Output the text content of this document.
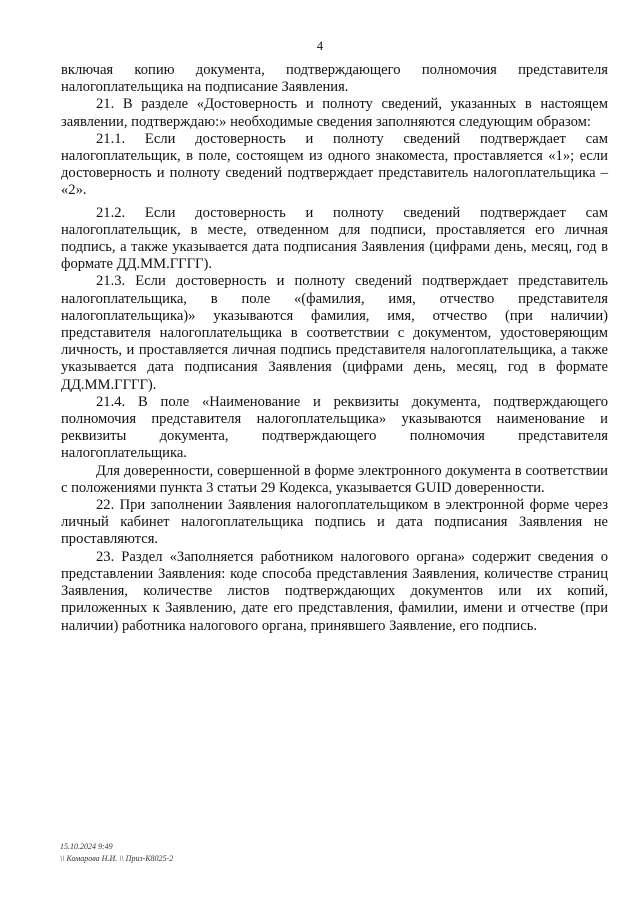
4

включая копию документа, подтверждающего полномочия представителя налогоплательщика на подписание Заявления.

21. В разделе «Достоверность и полноту сведений, указанных в настоящем заявлении, подтверждаю:» необходимые сведения заполняются следующим образом:

21.1. Если достоверность и полноту сведений подтверждает сам налогоплательщик, в поле, состоящем из одного знакоместа, проставляется «1»; если достоверность и полноту сведений подтверждает представитель налогоплательщика – «2».

21.2. Если достоверность и полноту сведений подтверждает сам налогоплательщик, в месте, отведенном для подписи, проставляется его личная подпись, а также указывается дата подписания Заявления (цифрами день, месяц, год в формате ДД.ММ.ГГГГ).

21.3. Если достоверность и полноту сведений подтверждает представитель налогоплательщика, в поле «(фамилия, имя, отчество представителя налогоплательщика)» указываются фамилия, имя, отчество (при наличии) представителя налогоплательщика в соответствии с документом, удостоверяющим личность, и проставляется личная подпись представителя налогоплательщика, а также указывается дата подписания Заявления (цифрами день, месяц, год в формате ДД.ММ.ГГГГ).

21.4. В поле «Наименование и реквизиты документа, подтверждающего полномочия представителя налогоплательщика» указываются наименование и реквизиты документа, подтверждающего полномочия представителя налогоплательщика.

Для доверенности, совершенной в форме электронного документа в соответствии с положениями пункта 3 статьи 29 Кодекса, указывается GUID доверенности.

22. При заполнении Заявления налогоплательщиком в электронной форме через личный кабинет налогоплательщика подпись и дата подписания Заявления не проставляются.

23. Раздел «Заполняется работником налогового органа» содержит сведения о представлении Заявления: коде способа представления Заявления, количестве страниц Заявления, количестве листов подтверждающих документов или их копий, приложенных к Заявлению, дате его представления, фамилии, имени и отчестве (при наличии) работника налогового органа, принявшего Заявление, его подпись.

15.10.2024 9:49
\\ Комарова Н.И. \\ Приз-К8025-2
